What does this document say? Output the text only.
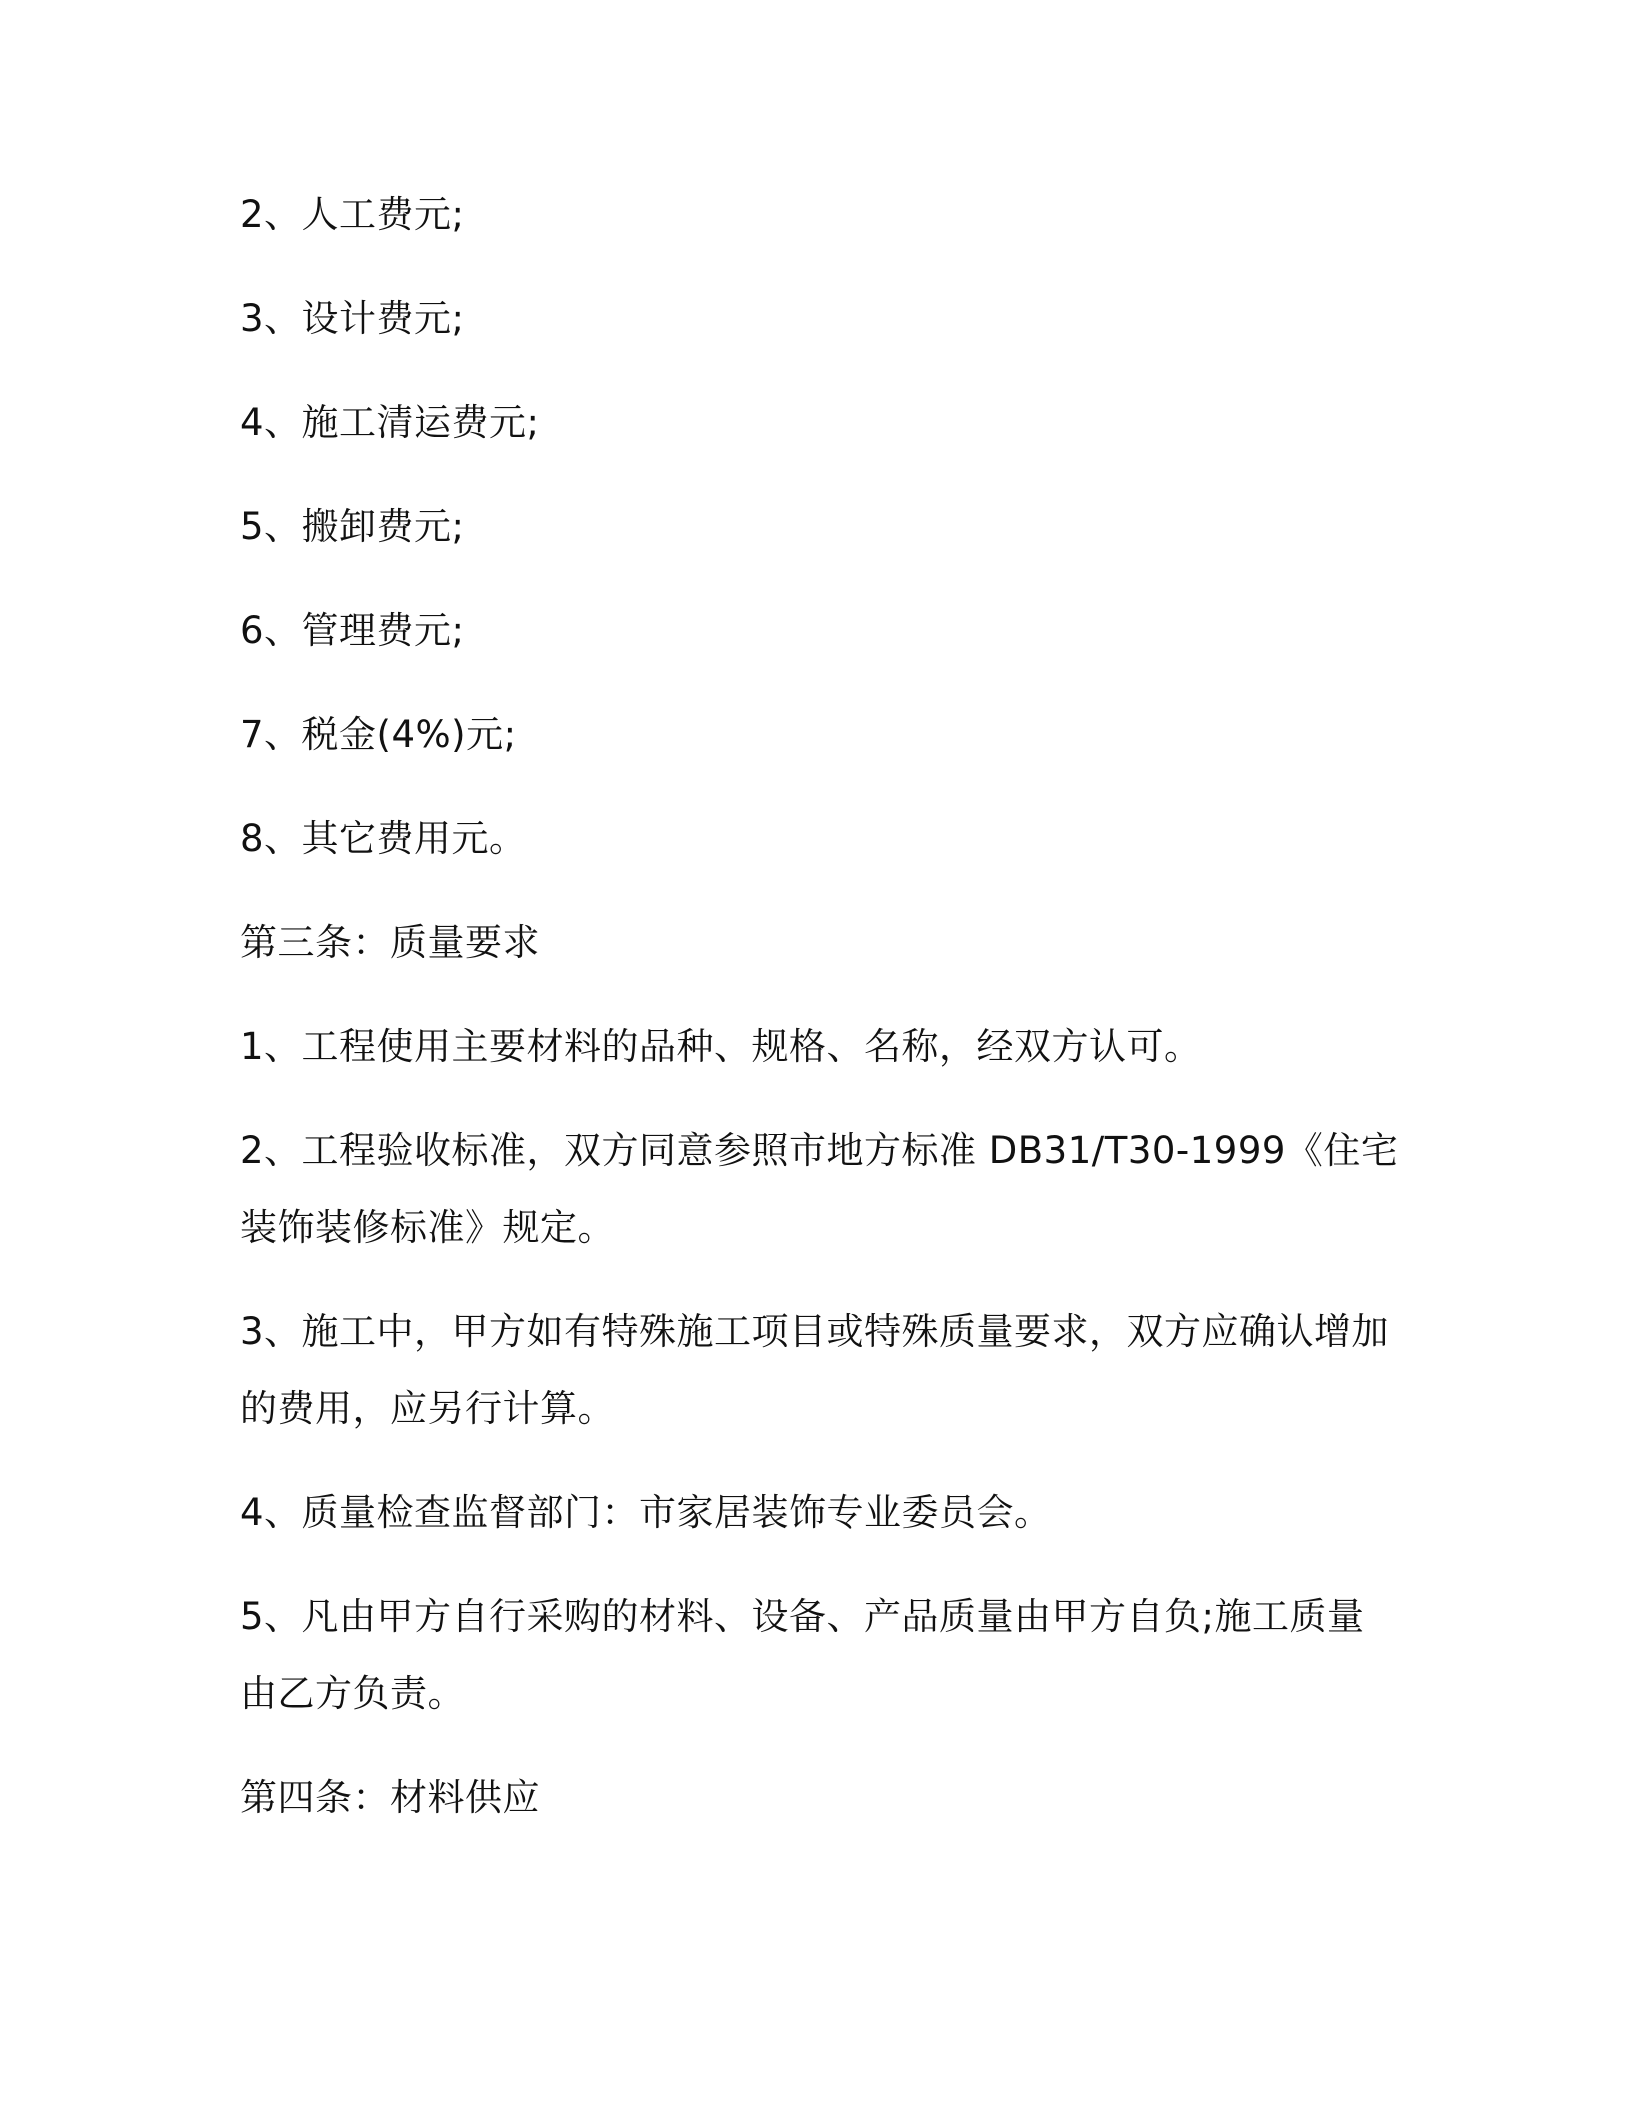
2、人工费元;
3、设计费元;
4、施工清运费元;
5、搬卸费元;
6、管理费元;
7、税金(4%)元;
8、其它费用元。
第三条：质量要求
1、工程使用主要材料的品种、规格、名称，经双方认可。
2、工程验收标准，双方同意参照市地方标准 DB31/T30-1999《住宅
装饰装修标准》规定。
3、施工中，甲方如有特殊施工项目或特殊质量要求，双方应确认增加
的费用，应另行计算。
4、质量检查监督部门：市家居装饰专业委员会。
5、凡由甲方自行采购的材料、设备、产品质量由甲方自负;施工质量
由乙方负责。
第四条：材料供应
